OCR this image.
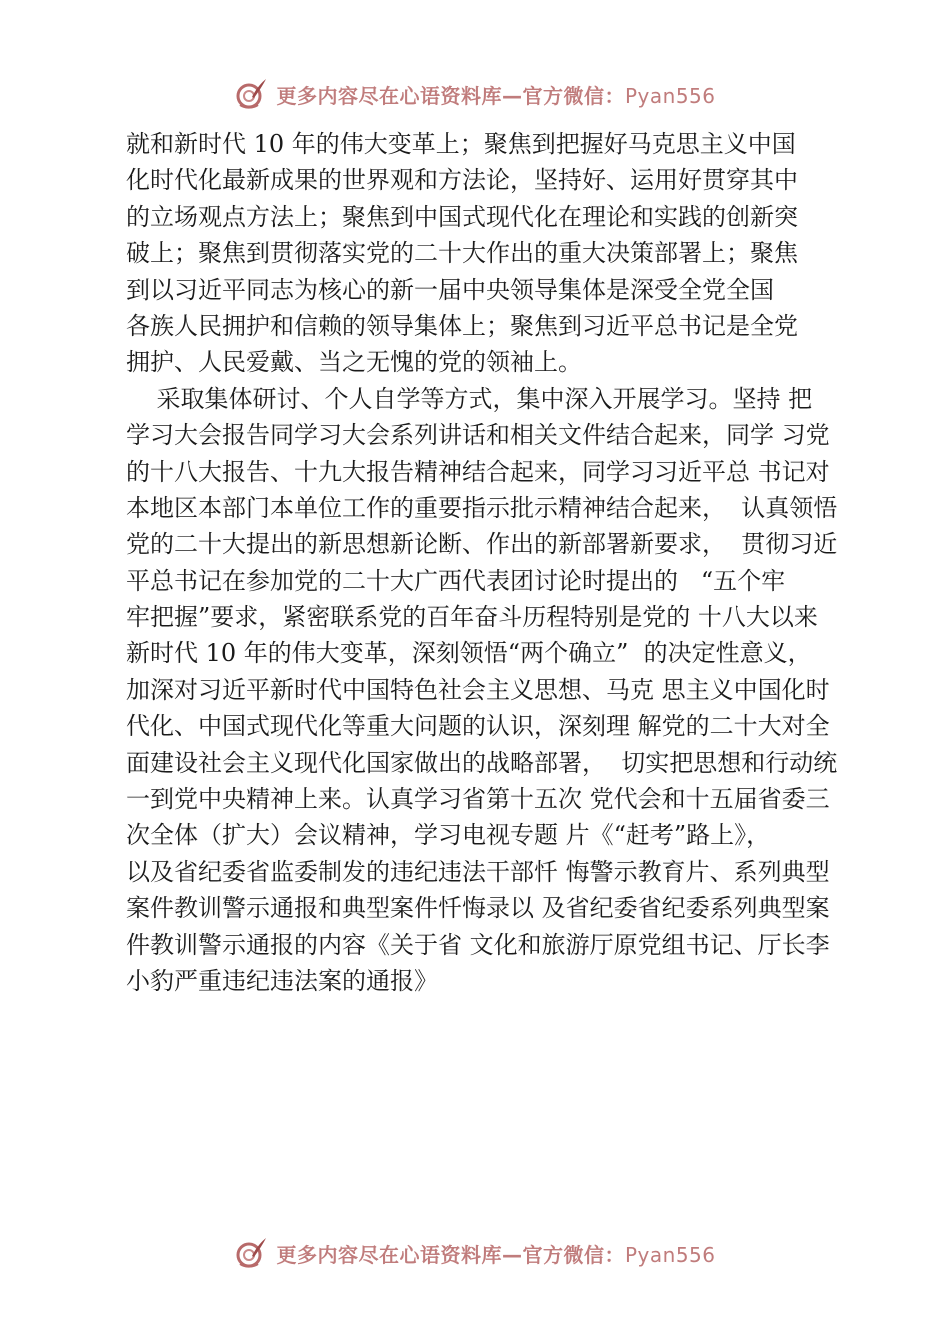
更多内容尽在心语资料库—官方微信：Pyan556
就和新时代 10 年的伟大变革上；聚焦到把握好马克思主义中国
化时代化最新成果的世界观和方法论，坚持好、运用好贯穿其中
的立场观点方法上；聚焦到中国式现代化在理论和实践的创新突
破上；聚焦到贯彻落实党的二十大作出的重大决策部署上；聚焦
到以习近平同志为核心的新一届中央领导集体是深受全党全国
各族人民拥护和信赖的领导集体上；聚焦到习近平总书记是全党
拥护、人民爱戴、当之无愧的党的领袖上。
采取集体研讨、个人自学等方式，集中深入开展学习。坚持 把
学习大会报告同学习大会系列讲话和相关文件结合起来，同学 习党
的十八大报告、十九大报告精神结合起来，同学习习近平总 书记对
本地区本部门本单位工作的重要指示批示精神结合起来，  认真领悟
党的二十大提出的新思想新论断、作出的新部署新要求，  贯彻习近
平总书记在参加党的二十大广西代表团讨论时提出的   “五个牢
牢把握”要求，紧密联系党的百年奋斗历程特别是党的 十八大以来
新时代 10 年的伟大变革，深刻领悟“两个确立”  的决定性意义，
加深对习近平新时代中国特色社会主义思想、马克 思主义中国化时
代化、中国式现代化等重大问题的认识，深刻理 解党的二十大对全
面建设社会主义现代化国家做出的战略部署，  切实把思想和行动统
一到党中央精神上来。认真学习省第十五次 党代会和十五届省委三
次全体（扩大）会议精神，学习电视专题 片《“赶考”路上》，
以及省纪委省监委制发的违纪违法干部忏 悔警示教育片、系列典型
案件教训警示通报和典型案件忏悔录以 及省纪委省纪委系列典型案
件教训警示通报的内容《关于省 文化和旅游厅原党组书记、厅长李
小豹严重违纪违法案的通报》
更多内容尽在心语资料库—官方微信：Pyan556
